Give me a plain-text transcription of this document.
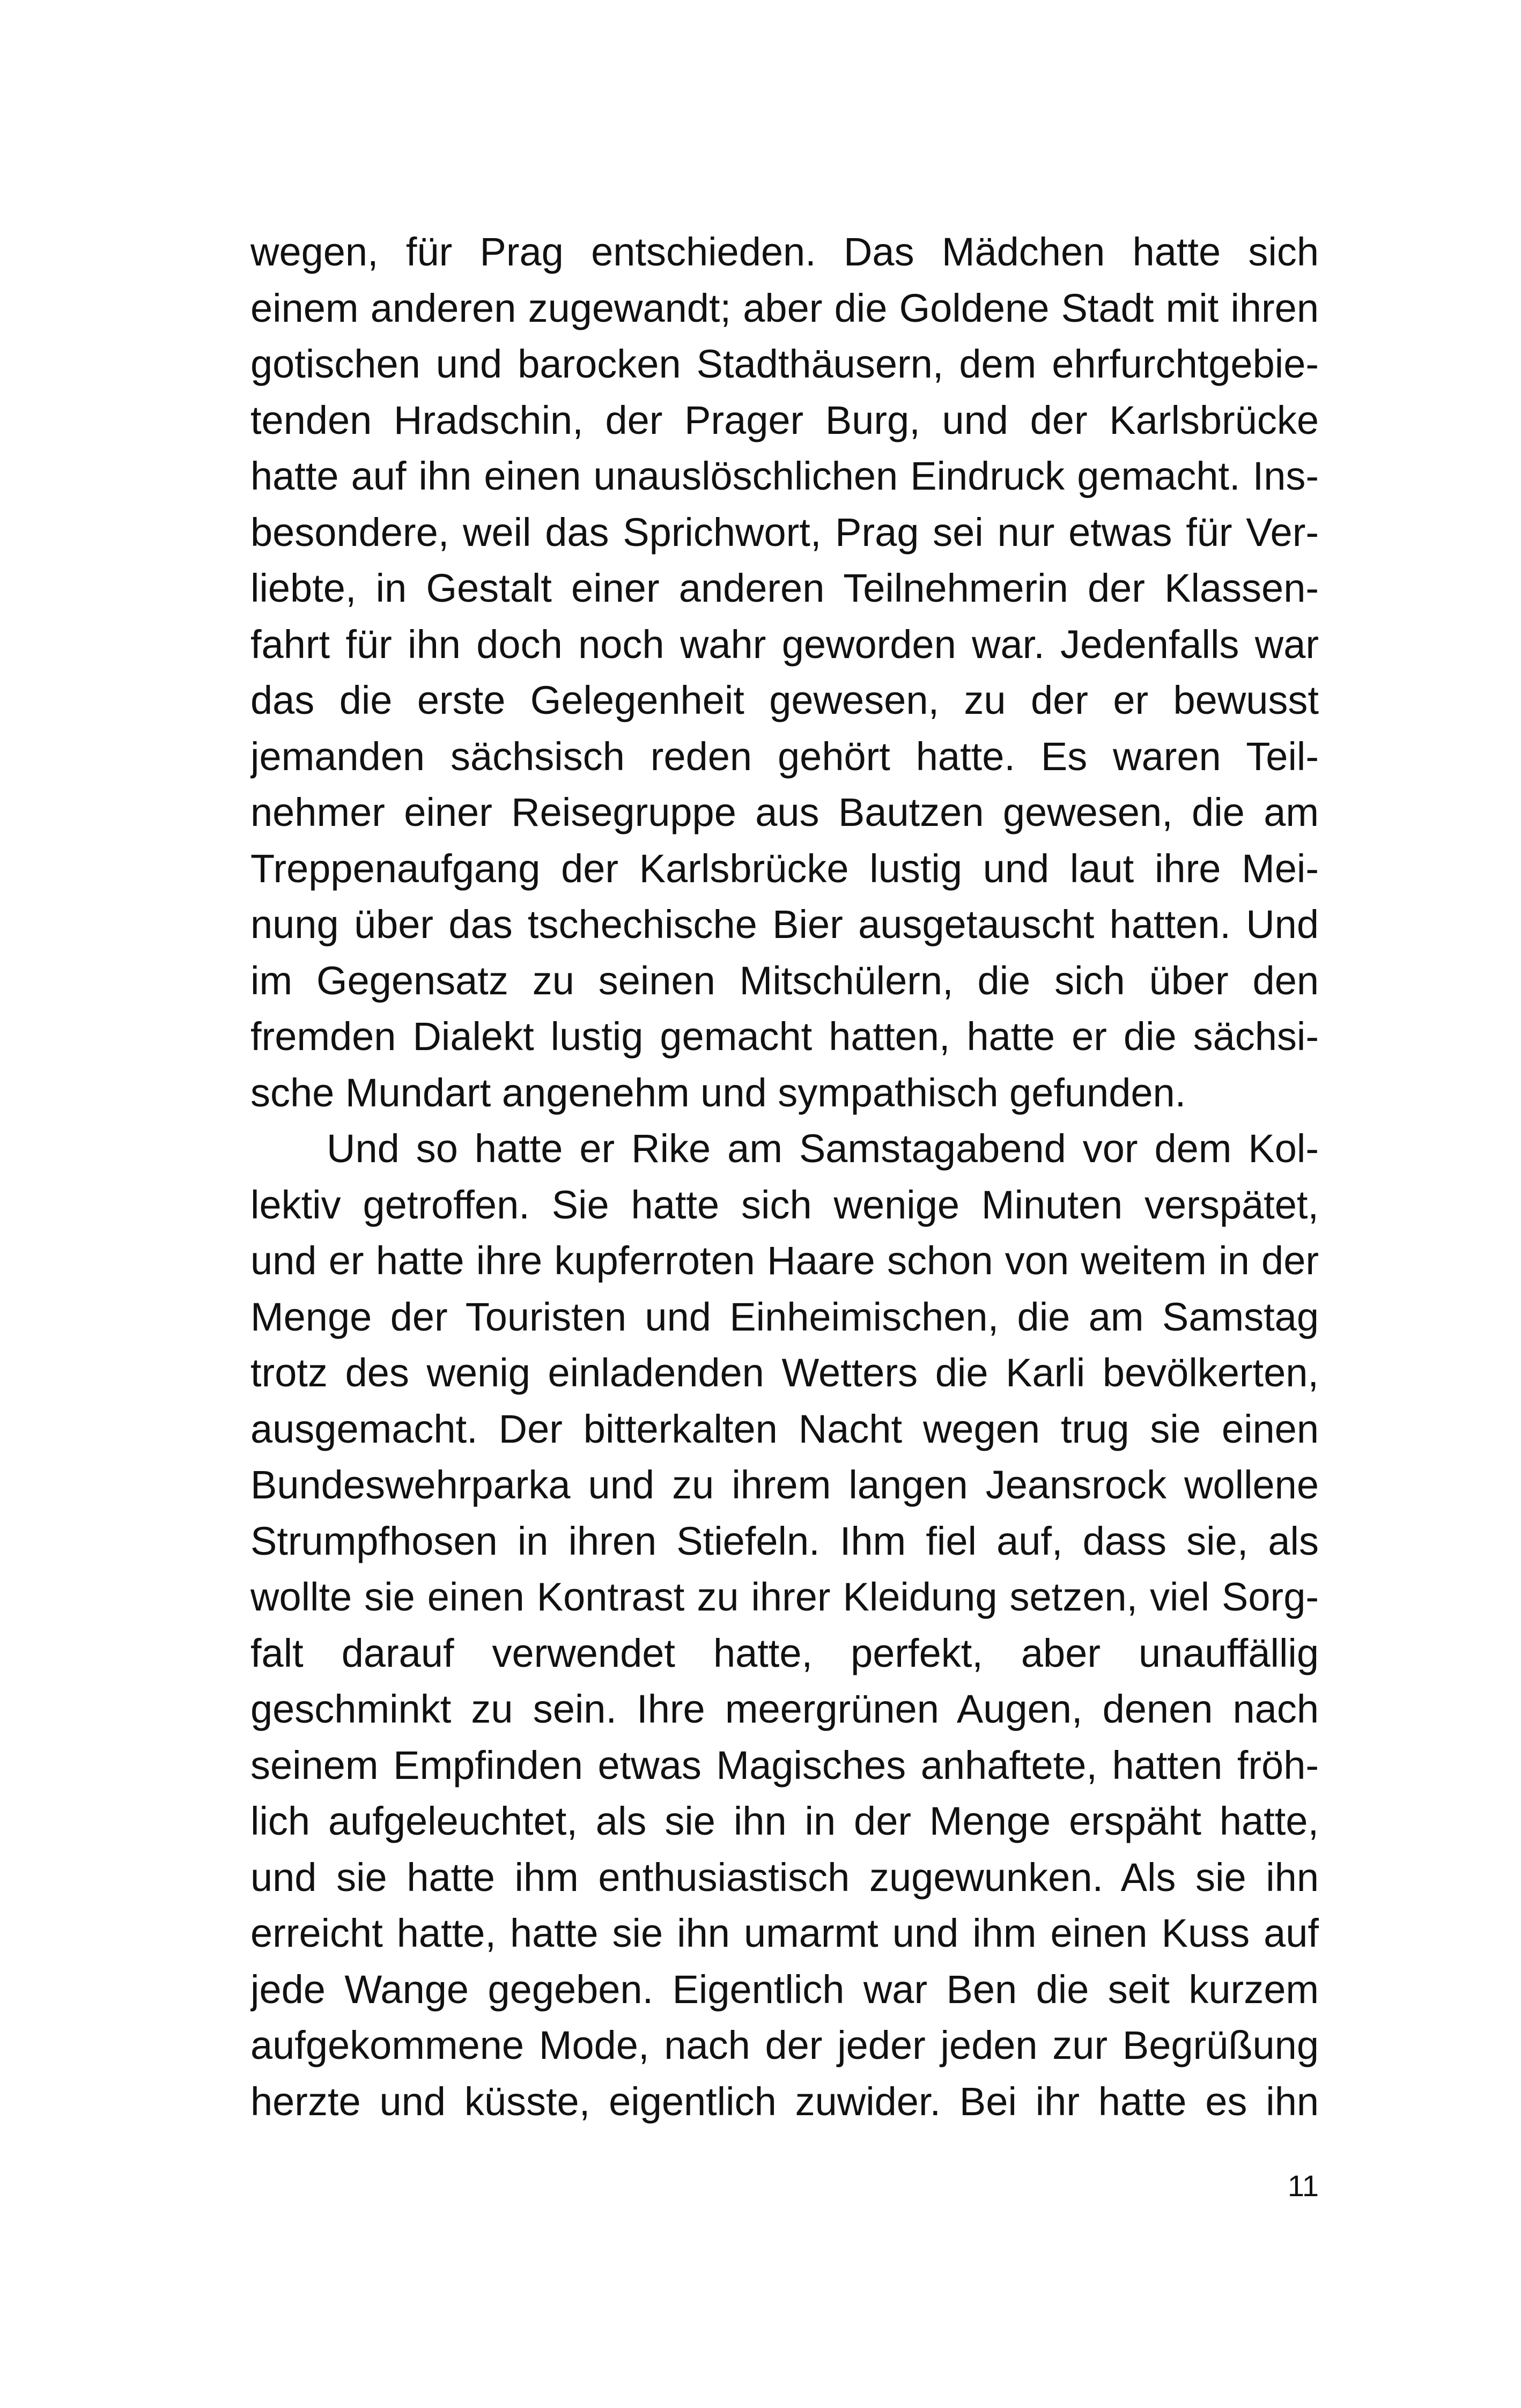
wegen, für Prag entschieden. Das Mädchen hatte sich
einem anderen zugewandt; aber die Goldene Stadt mit ihren
gotischen und barocken Stadthäusern, dem ehrfurchtgebie-
tenden Hradschin, der Prager Burg, und der Karlsbrücke
hatte auf ihn einen unauslöschlichen Eindruck gemacht. Ins-
besondere, weil das Sprichwort, Prag sei nur etwas für Ver-
liebte, in Gestalt einer anderen Teilnehmerin der Klassen-
fahrt für ihn doch noch wahr geworden war. Jedenfalls war
das die erste Gelegenheit gewesen, zu der er bewusst
jemanden sächsisch reden gehört hatte. Es waren Teil-
nehmer einer Reisegruppe aus Bautzen gewesen, die am
Treppenaufgang der Karlsbrücke lustig und laut ihre Mei-
nung über das tschechische Bier ausgetauscht hatten. Und
im Gegensatz zu seinen Mitschülern, die sich über den
fremden Dialekt lustig gemacht hatten, hatte er die sächsi-
sche Mundart angenehm und sympathisch gefunden.
Und so hatte er Rike am Samstagabend vor dem Kol-
lektiv getroffen. Sie hatte sich wenige Minuten verspätet,
und er hatte ihre kupferroten Haare schon von weitem in der
Menge der Touristen und Einheimischen, die am Samstag
trotz des wenig einladenden Wetters die Karli bevölkerten,
ausgemacht. Der bitterkalten Nacht wegen trug sie einen
Bundeswehrparka und zu ihrem langen Jeansrock wollene
Strumpfhosen in ihren Stiefeln. Ihm fiel auf, dass sie, als
wollte sie einen Kontrast zu ihrer Kleidung setzen, viel Sorg-
falt darauf verwendet hatte, perfekt, aber unauffällig
geschminkt zu sein. Ihre meergrünen Augen, denen nach
seinem Empfinden etwas Magisches anhaftete, hatten fröh-
lich aufgeleuchtet, als sie ihn in der Menge erspäht hatte,
und sie hatte ihm enthusiastisch zugewunken. Als sie ihn
erreicht hatte, hatte sie ihn umarmt und ihm einen Kuss auf
jede Wange gegeben. Eigentlich war Ben die seit kurzem
aufgekommene Mode, nach der jeder jeden zur Begrüßung
herzte und küsste, eigentlich zuwider. Bei ihr hatte es ihn
11
